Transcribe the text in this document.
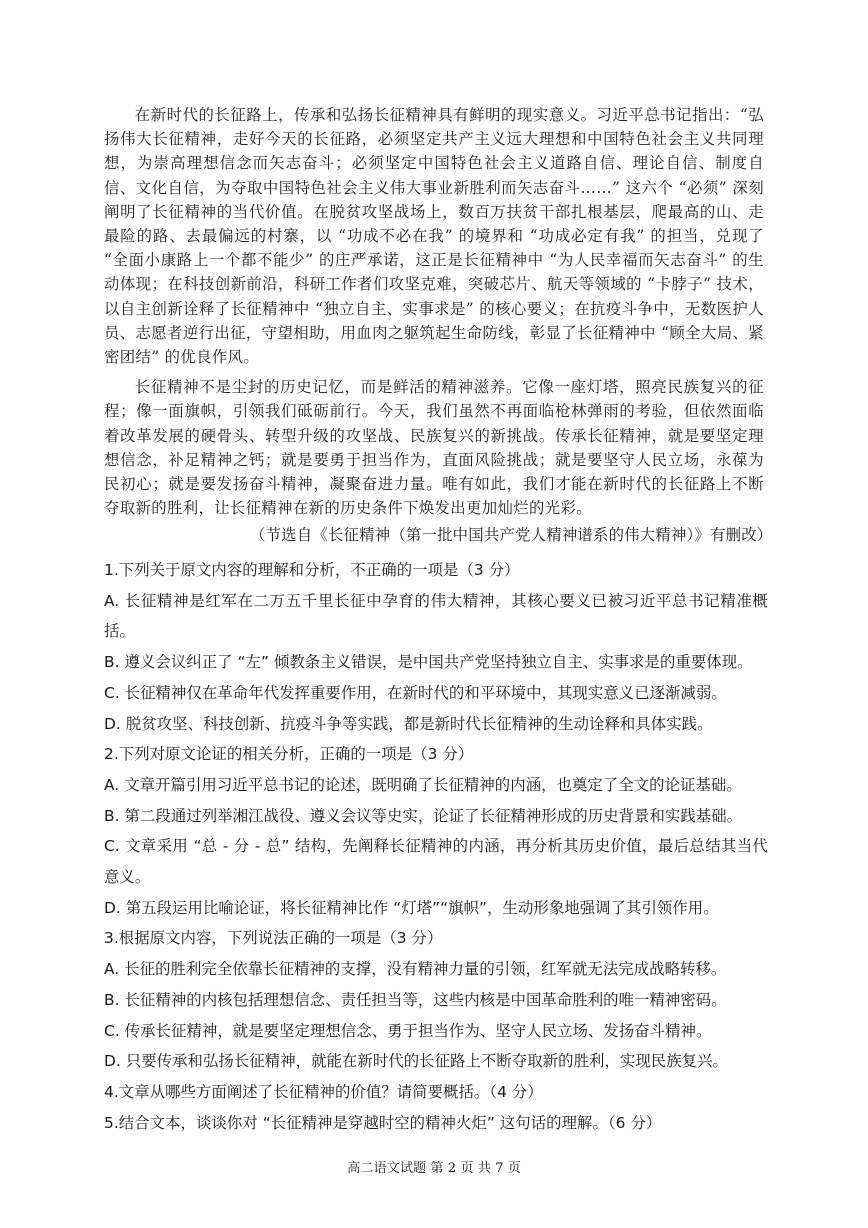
在新时代的长征路上，传承和弘扬长征精神具有鲜明的现实意义。习近平总书记指出：“弘扬伟大长征精神，走好今天的长征路，必须坚定共产主义远大理想和中国特色社会主义共同理想，为崇高理想信念而矢志奋斗；必须坚定中国特色社会主义道路自信、理论自信、制度自信、文化自信，为夺取中国特色社会主义伟大事业新胜利而矢志奋斗……” 这六个 “必须” 深刻阐明了长征精神的当代价值。在脱贫攻坚战场上，数百万扶贫干部扎根基层，爬最高的山、走最险的路、去最偏远的村寨，以 “功成不必在我” 的境界和 “功成必定有我” 的担当，兑现了 “全面小康路上一个都不能少” 的庄严承诺，这正是长征精神中 “为人民幸福而矢志奋斗” 的生动体现；在科技创新前沿，科研工作者们攻坚克难，突破芯片、航天等领域的 “卡脖子” 技术，以自主创新诠释了长征精神中 “独立自主、实事求是” 的核心要义；在抗疫斗争中，无数医护人员、志愿者逆行出征，守望相助，用血肉之躯筑起生命防线，彰显了长征精神中 “顾全大局、紧密团结” 的优良作风。

长征精神不是尘封的历史记忆，而是鲜活的精神滋养。它像一座灯塔，照亮民族复兴的征程；像一面旗帜，引领我们砥砺前行。今天，我们虽然不再面临枪林弹雨的考验，但依然面临着改革发展的硬骨头、转型升级的攻坚战、民族复兴的新挑战。传承长征精神，就是要坚定理想信念，补足精神之钙；就是要勇于担当作为，直面风险挑战；就是要坚守人民立场，永葆为民初心；就是要发扬奋斗精神，凝聚奋进力量。唯有如此，我们才能在新时代的长征路上不断夺取新的胜利，让长征精神在新的历史条件下焕发出更加灿烂的光彩。

（节选自《长征精神（第一批中国共产党人精神谱系的伟大精神）》有删改）
1.下列关于原文内容的理解和分析，不正确的一项是（3 分）
A. 长征精神是红军在二万五千里长征中孕育的伟大精神，其核心要义已被习近平总书记精准概括。
B. 遵义会议纠正了 “左” 倾教条主义错误，是中国共产党坚持独立自主、实事求是的重要体现。
C. 长征精神仅在革命年代发挥重要作用，在新时代的和平环境中，其现实意义已逐渐减弱。
D. 脱贫攻坚、科技创新、抗疫斗争等实践，都是新时代长征精神的生动诠释和具体实践。
2.下列对原文论证的相关分析，正确的一项是（3 分）
A. 文章开篇引用习近平总书记的论述，既明确了长征精神的内涵，也奠定了全文的论证基础。
B. 第二段通过列举湘江战役、遵义会议等史实，论证了长征精神形成的历史背景和实践基础。
C. 文章采用 “总 - 分 - 总” 结构，先阐释长征精神的内涵，再分析其历史价值，最后总结其当代意义。
D. 第五段运用比喻论证，将长征精神比作 “灯塔”“旗帜”，生动形象地强调了其引领作用。
3.根据原文内容，下列说法正确的一项是（3 分）
A. 长征的胜利完全依靠长征精神的支撑，没有精神力量的引领，红军就无法完成战略转移。
B. 长征精神的内核包括理想信念、责任担当等，这些内核是中国革命胜利的唯一精神密码。
C. 传承长征精神，就是要坚定理想信念、勇于担当作为、坚守人民立场、发扬奋斗精神。
D. 只要传承和弘扬长征精神，就能在新时代的长征路上不断夺取新的胜利，实现民族复兴。
4.文章从哪些方面阐述了长征精神的价值？请简要概括。（4 分）
5.结合文本，谈谈你对 “长征精神是穿越时空的精神火炬” 这句话的理解。（6 分）
高二语文试题 第 2 页 共 7 页
